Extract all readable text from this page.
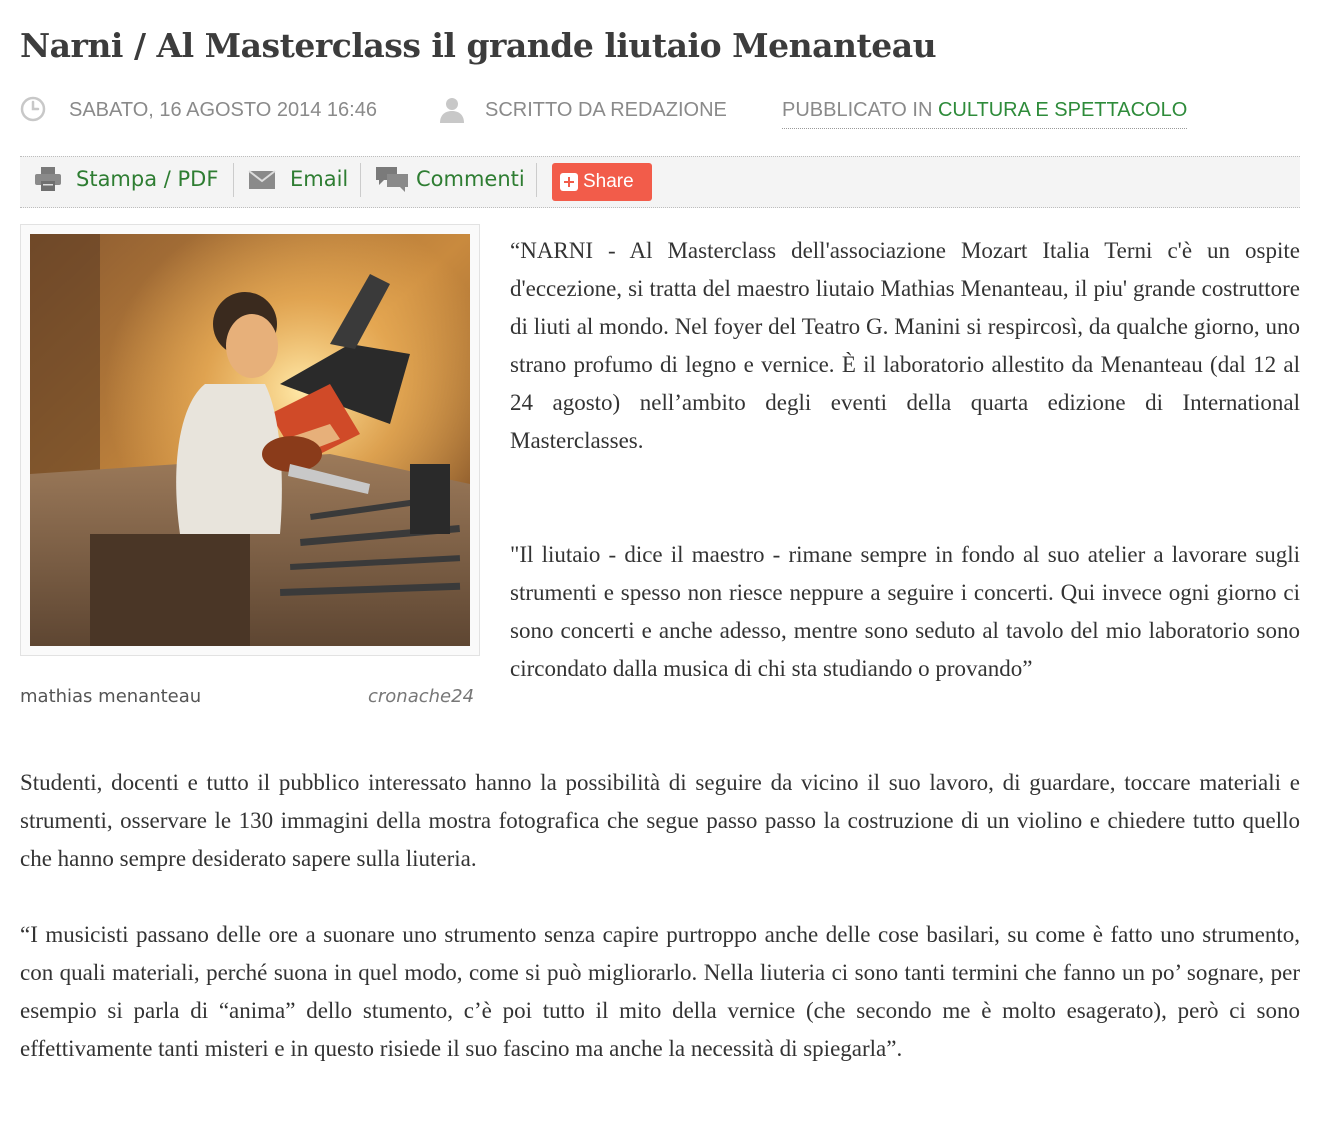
Narni / Al Masterclass il grande liutaio Menanteau
SABATO, 16 AGOSTO 2014 16:46	SCRITTO DA REDAZIONE	PUBBLICATO IN CULTURA E SPETTACOLO
Stampa / PDF	Email	Commenti	Share
mathias menanteau	cronache24

“NARNI - Al Masterclass dell'associazione Mozart Italia Terni c'è un ospite d'eccezione, si tratta del maestro liutaio Mathias Menanteau, il piu' grande costruttore di liuti al mondo. Nel foyer del Teatro G. Manini si respircosì, da qualche giorno, uno strano profumo di legno e vernice. È il laboratorio allestito da Menanteau (dal 12 al 24 agosto) nell’ambito degli eventi della quarta edizione di International Masterclasses.

"Il liutaio - dice il maestro - rimane sempre in fondo al suo atelier a lavorare sugli strumenti e spesso non riesce neppure a seguire i concerti. Qui invece ogni giorno ci sono concerti e anche adesso, mentre sono seduto al tavolo del mio laboratorio sono circondato dalla musica di chi sta studiando o provando”

Studenti, docenti e tutto il pubblico interessato hanno la possibilità di seguire da vicino il suo lavoro, di guardare, toccare materiali e strumenti, osservare le 130 immagini della mostra fotografica che segue passo passo la costruzione di un violino e chiedere tutto quello che hanno sempre desiderato sapere sulla liuteria.

“I musicisti passano delle ore a suonare uno strumento senza capire purtroppo anche delle cose basilari, su come è fatto uno strumento, con quali materiali, perché suona in quel modo, come si può migliorarlo. Nella liuteria ci sono tanti termini che fanno un po’ sognare, per esempio si parla di “anima” dello stumento, c’è poi tutto il mito della vernice (che secondo me è molto esagerato), però ci sono effettivamente tanti misteri e in questo risiede il suo fascino ma anche la necessità di spiegarla”.
